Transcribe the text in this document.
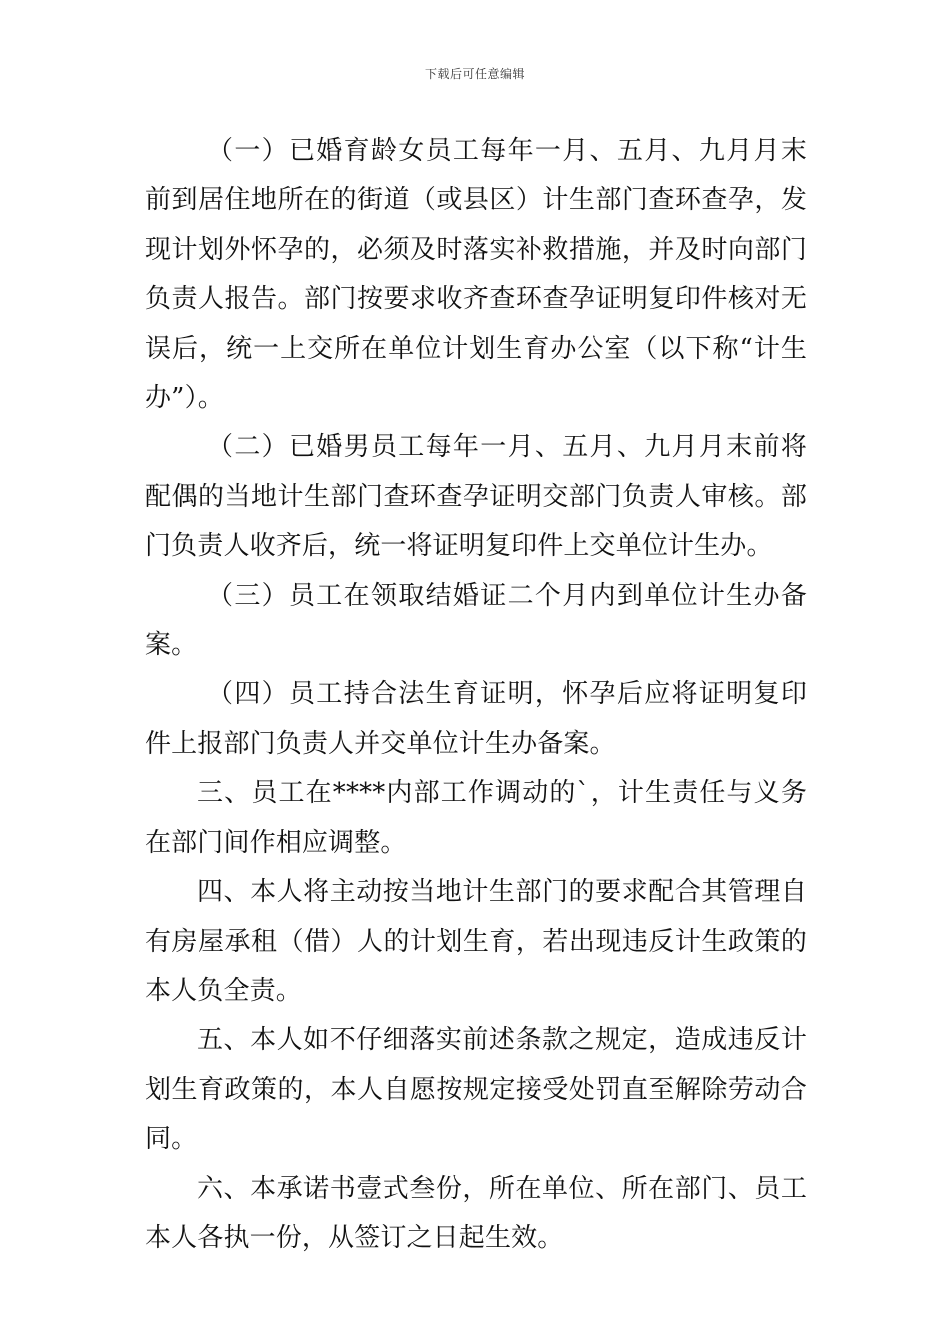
下载后可任意编辑

（一）已婚育龄女员工每年一月、五月、九月月末前到居住地所在的街道（或县区）计生部门查环查孕，发现计划外怀孕的，必须及时落实补救措施，并及时向部门负责人报告。部门按要求收齐查环查孕证明复印件核对无误后，统一上交所在单位计划生育办公室（以下称“计生办”）。

（二）已婚男员工每年一月、五月、九月月末前将配偶的当地计生部门查环查孕证明交部门负责人审核。部门负责人收齐后，统一将证明复印件上交单位计生办。

（三）员工在领取结婚证二个月内到单位计生办备案。

（四）员工持合法生育证明，怀孕后应将证明复印件上报部门负责人并交单位计生办备案。

三、员工在****内部工作调动的`，计生责任与义务在部门间作相应调整。

四、本人将主动按当地计生部门的要求配合其管理自有房屋承租（借）人的计划生育，若出现违反计生政策的本人负全责。

五、本人如不仔细落实前述条款之规定，造成违反计划生育政策的，本人自愿按规定接受处罚直至解除劳动合同。

六、本承诺书壹式叁份，所在单位、所在部门、员工本人各执一份，从签订之日起生效。
